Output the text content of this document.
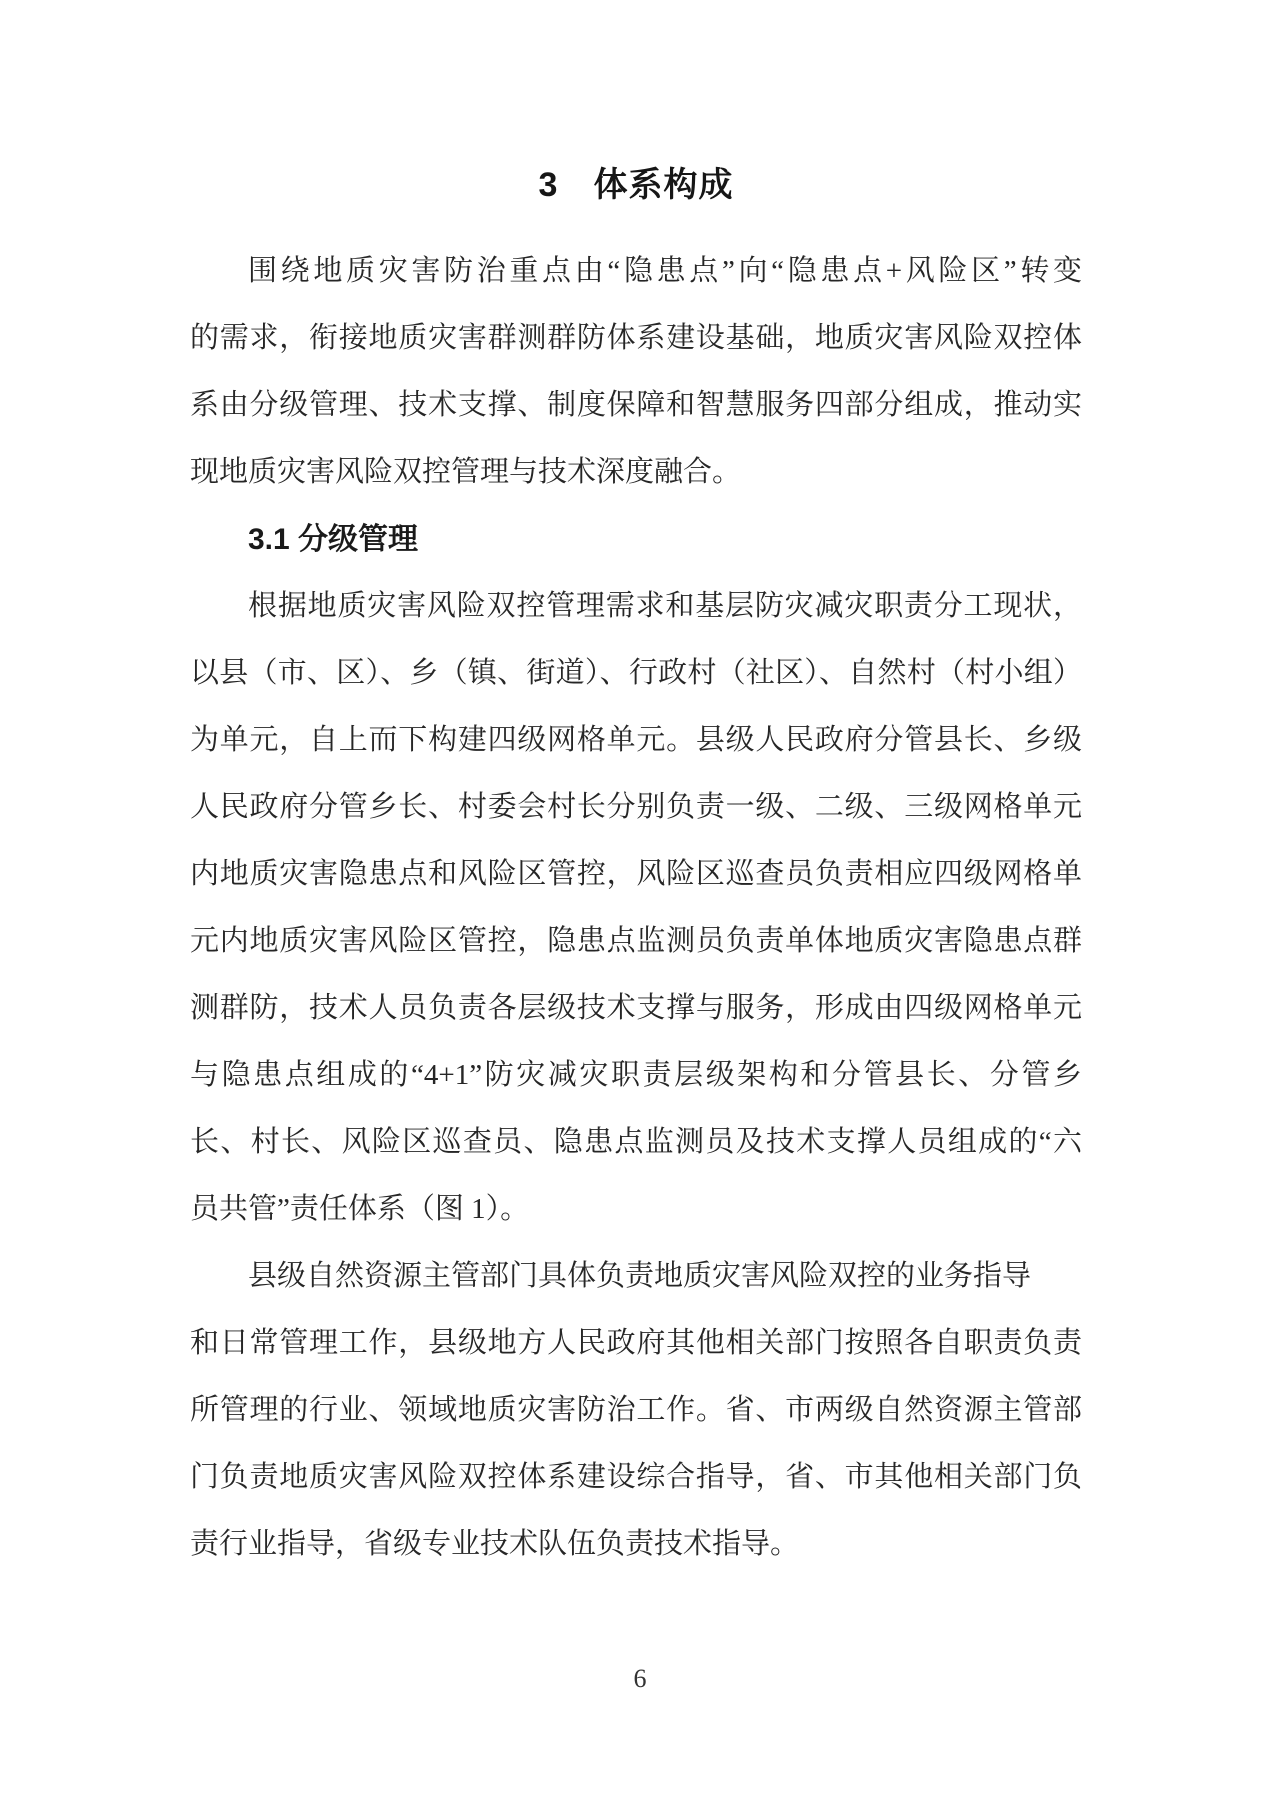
3　体系构成
围绕地质灾害防治重点由“隐患点”向“隐患点+风险区”转变
的需求，衔接地质灾害群测群防体系建设基础，地质灾害风险双控体
系由分级管理、技术支撑、制度保障和智慧服务四部分组成，推动实
现地质灾害风险双控管理与技术深度融合。
3.1 分级管理
根据地质灾害风险双控管理需求和基层防灾减灾职责分工现状，
以县（市、区）、乡（镇、街道）、行政村（社区）、自然村（村小组）
为单元，自上而下构建四级网格单元。县级人民政府分管县长、乡级
人民政府分管乡长、村委会村长分别负责一级、二级、三级网格单元
内地质灾害隐患点和风险区管控，风险区巡查员负责相应四级网格单
元内地质灾害风险区管控，隐患点监测员负责单体地质灾害隐患点群
测群防，技术人员负责各层级技术支撑与服务，形成由四级网格单元
与隐患点组成的“4+1”防灾减灾职责层级架构和分管县长、分管乡
长、村长、风险区巡查员、隐患点监测员及技术支撑人员组成的“六
员共管”责任体系（图 1）。
县级自然资源主管部门具体负责地质灾害风险双控的业务指导
和日常管理工作，县级地方人民政府其他相关部门按照各自职责负责
所管理的行业、领域地质灾害防治工作。省、市两级自然资源主管部
门负责地质灾害风险双控体系建设综合指导，省、市其他相关部门负
责行业指导，省级专业技术队伍负责技术指导。
6
